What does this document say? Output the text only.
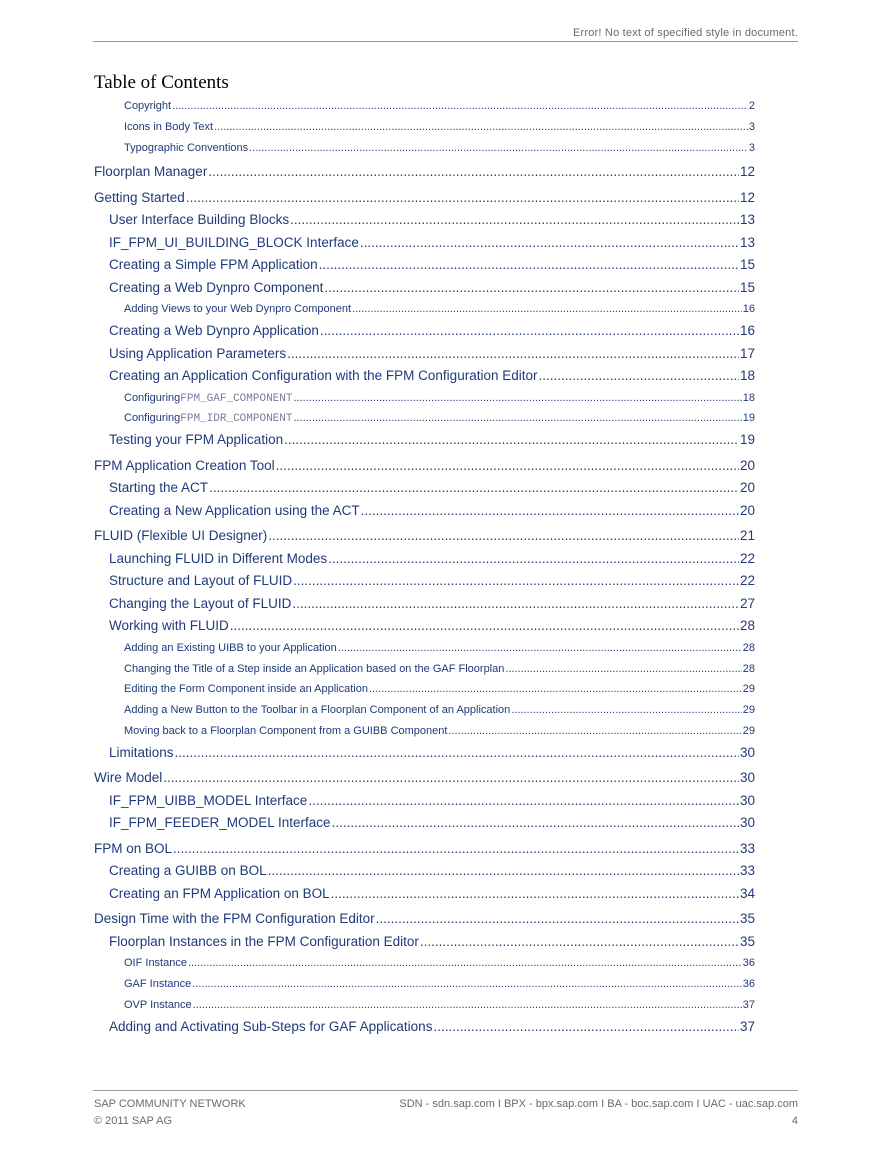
Error! No text of specified style in document.
Table of Contents
Copyright .....	2
Icons in Body Text .....	3
Typographic Conventions .....	3
Floorplan Manager .....	12
Getting Started .....	12
User Interface Building Blocks .....	13
IF_FPM_UI_BUILDING_BLOCK Interface .....	13
Creating a Simple FPM Application .....	15
Creating a Web Dynpro Component .....	15
Adding Views to your Web Dynpro Component .....	16
Creating a Web Dynpro Application .....	16
Using Application Parameters .....	17
Creating an Application Configuration with the FPM Configuration Editor .....	18
Configuring FPM_GAF_COMPONENT .....	18
Configuring FPM_IDR_COMPONENT .....	19
Testing your FPM Application .....	19
FPM Application Creation Tool .....	20
Starting the ACT .....	20
Creating a New Application using the ACT .....	20
FLUID (Flexible UI Designer) .....	21
Launching FLUID in Different Modes .....	22
Structure and Layout of FLUID .....	22
Changing the Layout of FLUID .....	27
Working with FLUID .....	28
Adding an Existing UIBB to your Application .....	28
Changing the Title of a Step inside an Application based on the GAF Floorplan .....	28
Editing the Form Component inside an Application .....	29
Adding a New Button to the Toolbar in a Floorplan Component of an Application .....	29
Moving back to a Floorplan Component from a GUIBB Component .....	29
Limitations .....	30
Wire Model .....	30
IF_FPM_UIBB_MODEL Interface .....	30
IF_FPM_FEEDER_MODEL Interface .....	30
FPM on BOL .....	33
Creating a GUIBB on BOL .....	33
Creating an FPM Application on BOL .....	34
Design Time with the FPM Configuration Editor .....	35
Floorplan Instances in the FPM Configuration Editor .....	35
OIF Instance .....	36
GAF Instance .....	36
OVP Instance .....	37
Adding and Activating Sub-Steps for GAF Applications .....	37
SAP COMMUNITY NETWORK
© 2011 SAP AG
SDN - sdn.sap.com I BPX - bpx.sap.com I BA - boc.sap.com I UAC - uac.sap.com
4
